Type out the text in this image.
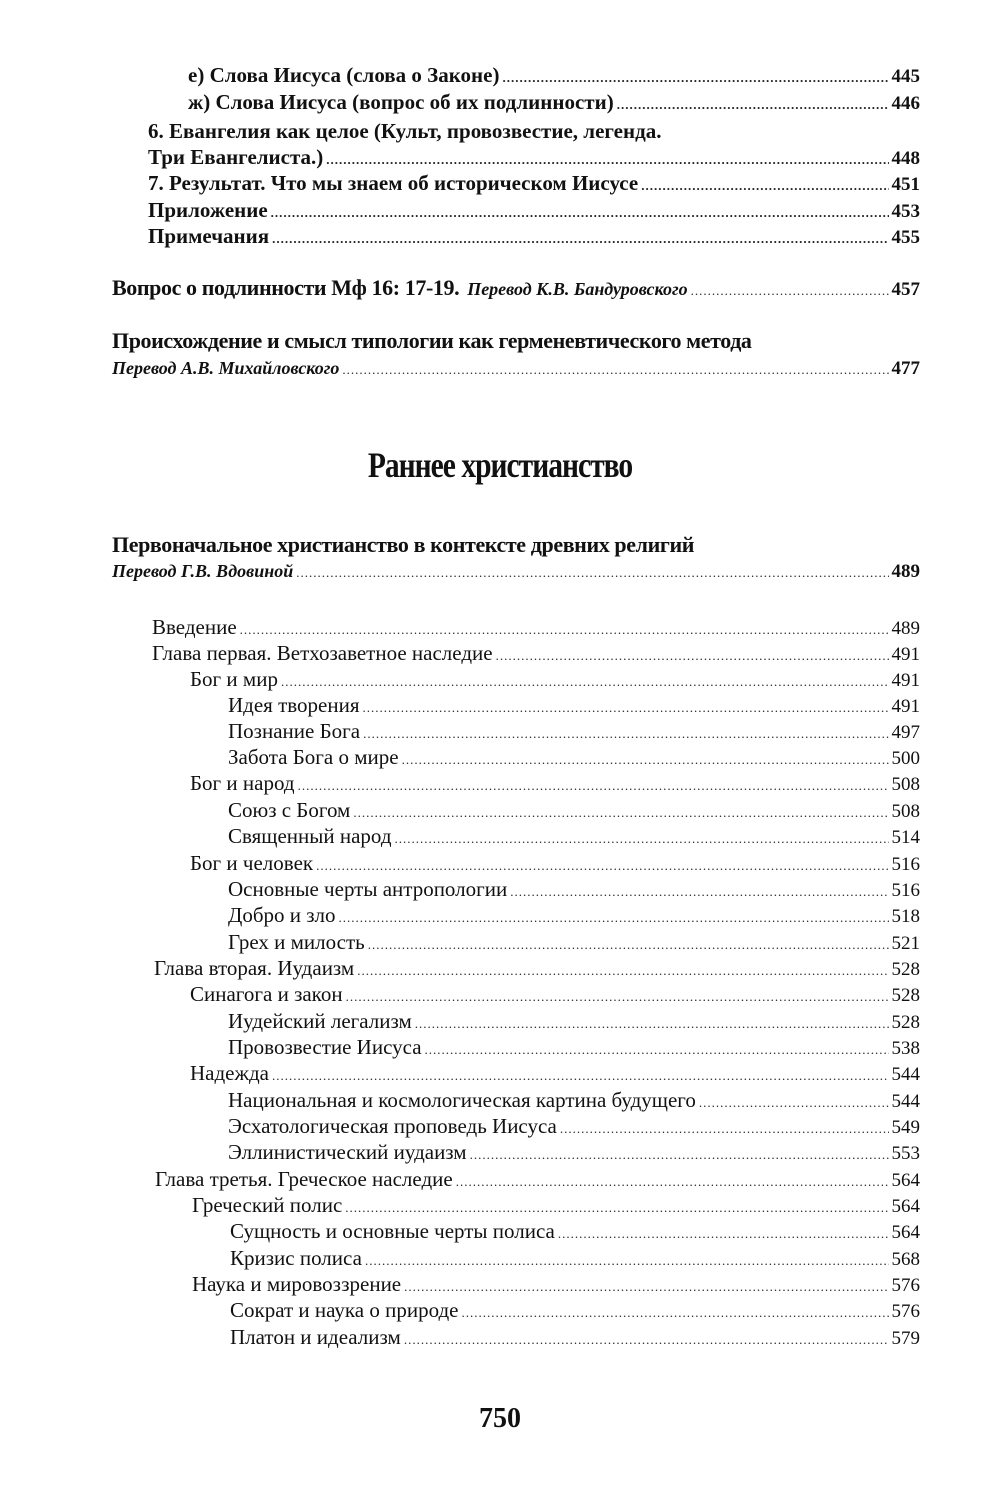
е) Слова Иисуса (слова о Законе) .....	445
ж) Слова Иисуса (вопрос об их подлинности) .....	446
6. Евангелия как целое (Культ, провозвестие, легенда.
Три Евангелиста.) .....	448
7. Результат. Что мы знаем об историческом Иисусе .....	451
Приложение .....	453
Примечания .....	455
Вопрос о подлинности Мф 16: 17-19. Перевод К.В. Бандуровского .....	457
Происхождение и смысл типологии как герменевтического метода
Перевод А.В. Михайловского .....	477
Раннее христианство
Первоначальное христианство в контексте древних религий
Перевод Г.В. Вдовиной .....	489
Введение .....	489
Глава первая. Ветхозаветное наследие .....	491
Бог и мир .....	491
Идея творения .....	491
Познание Бога .....	497
Забота Бога о мире .....	500
Бог и народ .....	508
Союз с Богом .....	508
Священный народ .....	514
Бог и человек .....	516
Основные черты антропологии .....	516
Добро и зло .....	518
Грех и милость .....	521
Глава вторая. Иудаизм .....	528
Синагога и закон .....	528
Иудейский легализм .....	528
Провозвестие Иисуса .....	538
Надежда .....	544
Национальная и космологическая картина будущего .....	544
Эсхатологическая проповедь Иисуса .....	549
Эллинистический иудаизм .....	553
Глава третья. Греческое наследие .....	564
Греческий полис .....	564
Сущность и основные черты полиса .....	564
Кризис полиса .....	568
Наука и мировоззрение .....	576
Сократ и наука о природе .....	576
Платон и идеализм .....	579
750
